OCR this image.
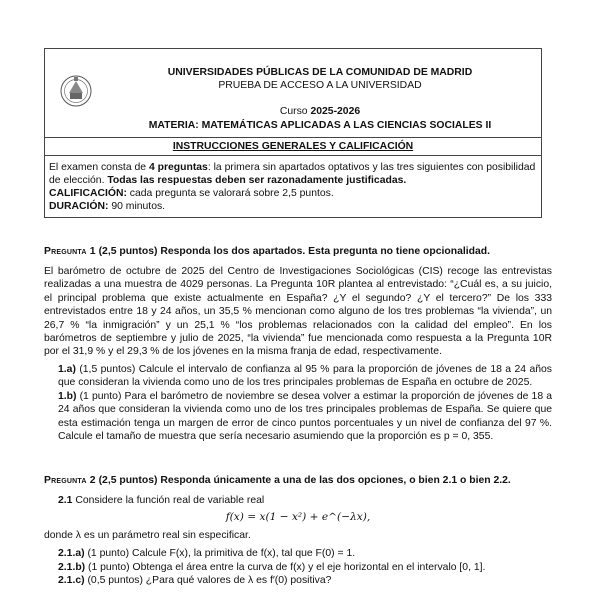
UNIVERSIDADES PÚBLICAS DE LA COMUNIDAD DE MADRID
PRUEBA DE ACCESO A LA UNIVERSIDAD
Curso 2025-2026
MATERIA: MATEMÁTICAS APLICADAS A LAS CIENCIAS SOCIALES II
INSTRUCCIONES GENERALES Y CALIFICACIÓN
El examen consta de 4 preguntas: la primera sin apartados optativos y las tres siguientes con posibilidad de elección. Todas las respuestas deben ser razonadamente justificadas.
CALIFICACIÓN: cada pregunta se valorará sobre 2,5 puntos.
DURACIÓN: 90 minutos.
Pregunta 1 (2,5 puntos) Responda los dos apartados. Esta pregunta no tiene opcionalidad.
El barómetro de octubre de 2025 del Centro de Investigaciones Sociológicas (CIS) recoge las entrevistas realizadas a una muestra de 4029 personas. La Pregunta 10R plantea al entrevistado: “¿Cuál es, a su juicio, el principal problema que existe actualmente en España? ¿Y el segundo? ¿Y el tercero?” De los 333 entrevistados entre 18 y 24 años, un 35,5 % mencionan como alguno de los tres problemas “la vivienda”, un 26,7 % “la inmigración” y un 25,1 % “los problemas relacionados con la calidad del empleo”. En los barómetros de septiembre y julio de 2025, “la vivienda” fue mencionada como respuesta a la Pregunta 10R por el 31,9 % y el 29,3 % de los jóvenes en la misma franja de edad, respectivamente.
1.a) (1,5 puntos) Calcule el intervalo de confianza al 95 % para la proporción de jóvenes de 18 a 24 años que consideran la vivienda como uno de los tres principales problemas de España en octubre de 2025.
1.b) (1 punto) Para el barómetro de noviembre se desea volver a estimar la proporción de jóvenes de 18 a 24 años que consideran la vivienda como uno de los tres principales problemas de España. Se quiere que esta estimación tenga un margen de error de cinco puntos porcentuales y un nivel de confianza del 97 %. Calcule el tamaño de muestra que sería necesario asumiendo que la proporción es p = 0, 355.
Pregunta 2 (2,5 puntos) Responda únicamente a una de las dos opciones, o bien 2.1 o bien 2.2.
2.1 Considere la función real de variable real
f(x) = x(1 − x²) + e^(−λx),
donde λ es un parámetro real sin especificar.
2.1.a) (1 punto) Calcule F(x), la primitiva de f(x), tal que F(0) = 1.
2.1.b) (1 punto) Obtenga el área entre la curva de f(x) y el eje horizontal en el intervalo [0, 1].
2.1.c) (0,5 puntos) ¿Para qué valores de λ es f′(0) positiva?
